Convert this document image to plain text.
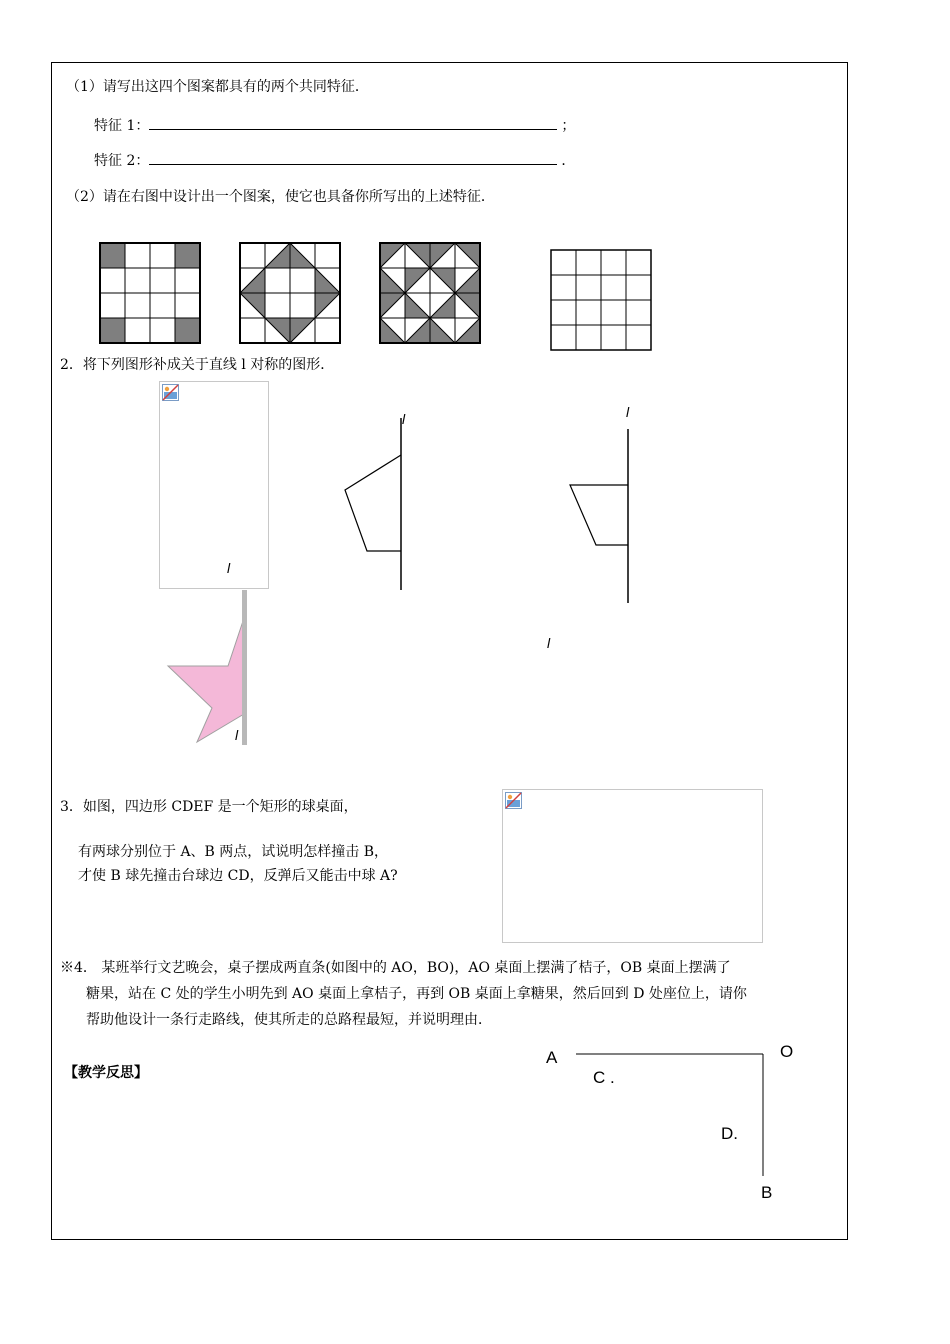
（1）请写出这四个图案都具有的两个共同特征．
特征 1：	；
特征 2：	．
（2）请在右图中设计出一个图案，使它也具备你所写出的上述特征．
2．将下列图形补成关于直线 l 对称的图形．
l
l	l
l
l
3．如图，四边形 CDEF 是一个矩形的球桌面，
有两球分别位于 A、B 两点，试说明怎样撞击 B，
才使 B 球先撞击台球边 CD，反弹后又能击中球 A?
※4． 某班举行文艺晚会，桌子摆成两直条(如图中的 AO，BO)，AO 桌面上摆满了桔子，OB 桌面上摆满了
糖果，站在 C 处的学生小明先到 AO 桌面上拿桔子，再到 OB 桌面上拿糖果，然后回到 D 处座位上，请你
帮助他设计一条行走路线，使其所走的总路程最短，并说明理由．
【教学反思】
A	O
C .
D.
B
